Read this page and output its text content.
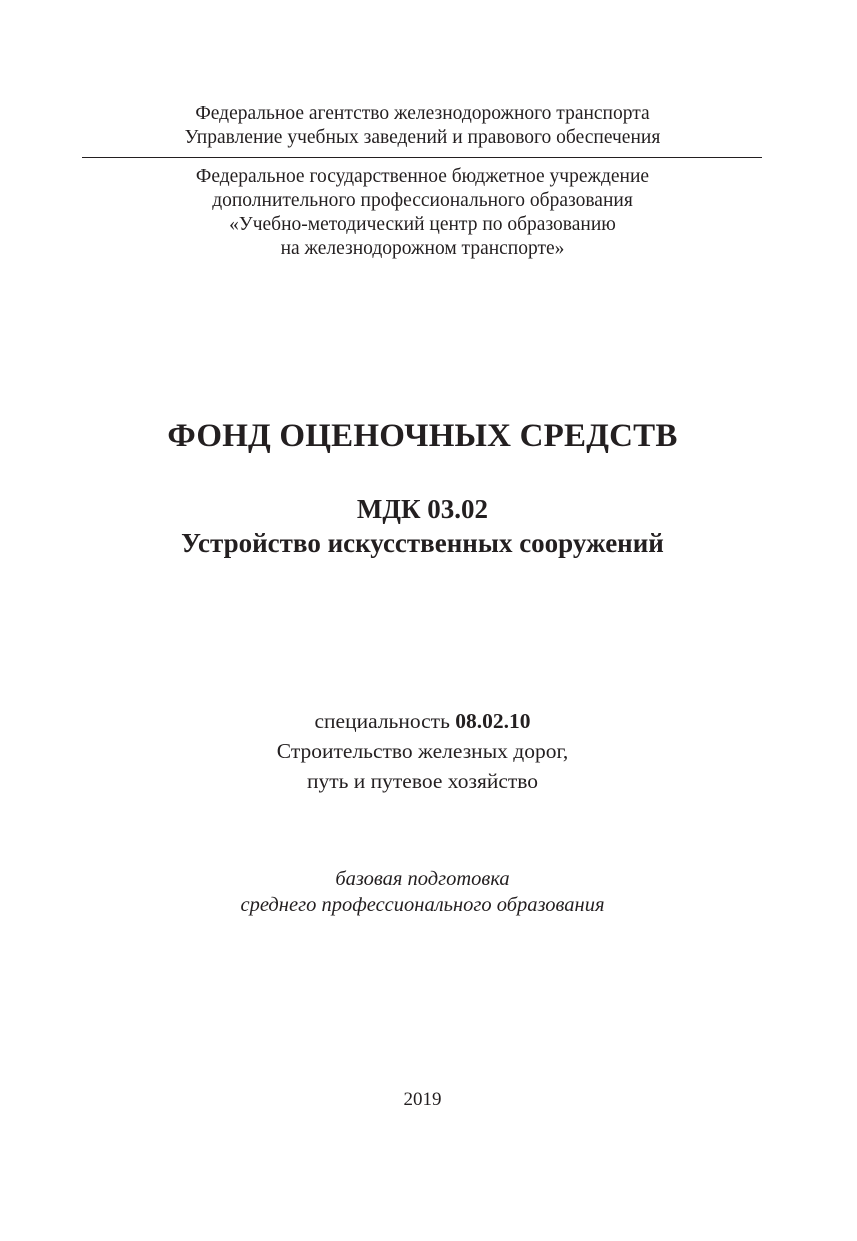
Федеральное агентство железнодорожного транспорта
Управление учебных заведений и правового обеспечения
Федеральное государственное бюджетное учреждение
дополнительного профессионального образования
«Учебно-методический центр по образованию
на железнодорожном транспорте»
ФОНД ОЦЕНОЧНЫХ СРЕДСТВ
МДК 03.02
Устройство искусственных сооружений
специальность 08.02.10
Строительство железных дорог,
путь и путевое хозяйство
базовая подготовка
среднего профессионального образования
2019
